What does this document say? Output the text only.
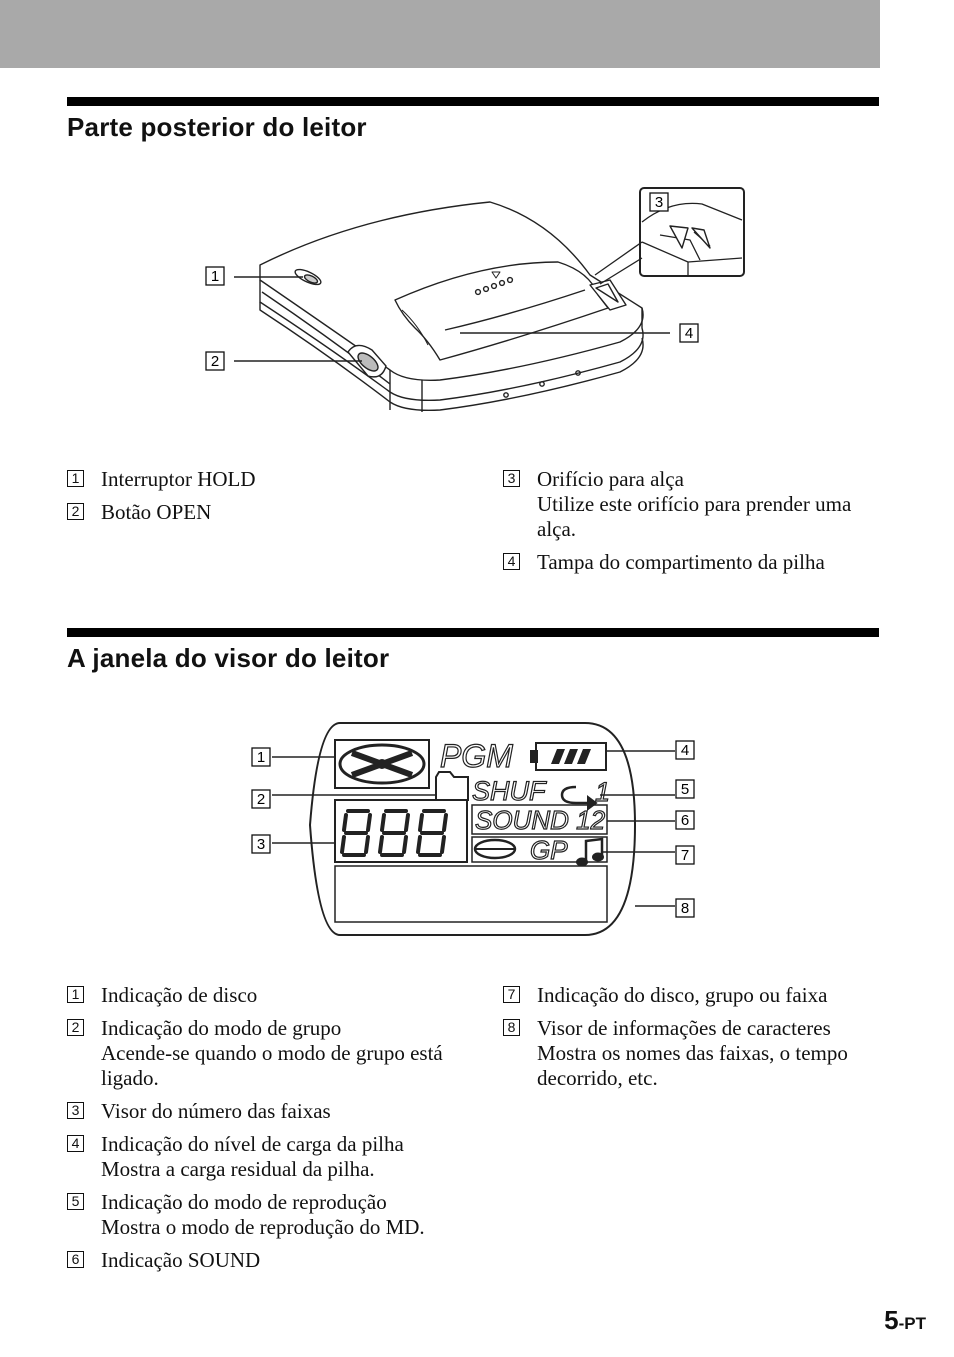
Parte posterior do leitor
1
2
3
4
1 Interruptor HOLD
2 Botão OPEN
3 Orifício para alça
Utilize este orifício para prender uma alça.
4 Tampa do compartimento da pilha
A janela do visor do leitor
PGM
SHUF 1
SOUND 12
GP
1
2
3
4
5
6
7
8
1 Indicação de disco
2 Indicação do modo de grupo
Acende-se quando o modo de grupo está ligado.
3 Visor do número das faixas
4 Indicação do nível de carga da pilha
Mostra a carga residual da pilha.
5 Indicação do modo de reprodução
Mostra o modo de reprodução do MD.
6 Indicação SOUND
7 Indicação do disco, grupo ou faixa
8 Visor de informações de caracteres
Mostra os nomes das faixas, o tempo decorrido, etc.
5-PT
